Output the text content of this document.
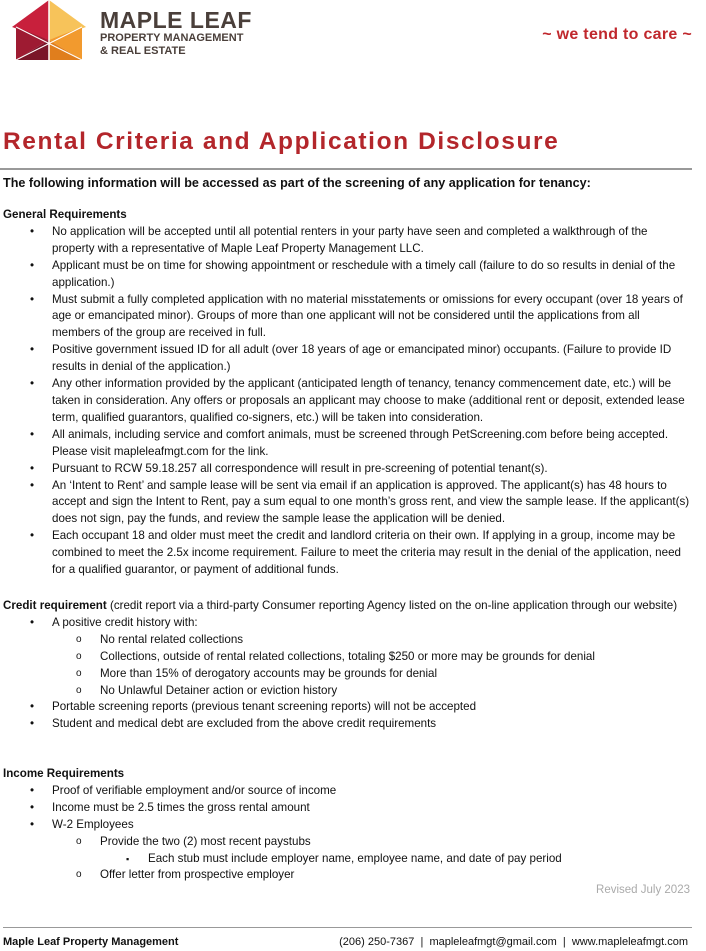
MAPLE LEAF
PROPERTY MANAGEMENT
& REAL ESTATE
~ we tend to care ~
Rental Criteria and Application Disclosure
The following information will be accessed as part of the screening of any application for tenancy:
General Requirements
• No application will be accepted until all potential renters in your party have seen and completed a walkthrough of the property with a representative of Maple Leaf Property Management LLC.
• Applicant must be on time for showing appointment or reschedule with a timely call (failure to do so results in denial of the application.)
• Must submit a fully completed application with no material misstatements or omissions for every occupant (over 18 years of age or emancipated minor). Groups of more than one applicant will not be considered until the applications from all members of the group are received in full.
• Positive government issued ID for all adult (over 18 years of age or emancipated minor) occupants. (Failure to provide ID results in denial of the application.)
• Any other information provided by the applicant (anticipated length of tenancy, tenancy commencement date, etc.) will be taken in consideration. Any offers or proposals an applicant may choose to make (additional rent or deposit, extended lease term, qualified guarantors, qualified co-signers, etc.) will be taken into consideration.
• All animals, including service and comfort animals, must be screened through PetScreening.com before being accepted. Please visit mapleleafmgt.com for the link.
• Pursuant to RCW 59.18.257 all correspondence will result in pre-screening of potential tenant(s).
• An ‘Intent to Rent’ and sample lease will be sent via email if an application is approved. The applicant(s) has 48 hours to accept and sign the Intent to Rent, pay a sum equal to one month’s gross rent, and view the sample lease. If the applicant(s) does not sign, pay the funds, and review the sample lease the application will be denied.
• Each occupant 18 and older must meet the credit and landlord criteria on their own. If applying in a group, income may be combined to meet the 2.5x income requirement. Failure to meet the criteria may result in the denial of the application, need for a qualified guarantor, or payment of additional funds.
Credit requirement (credit report via a third-party Consumer reporting Agency listed on the on-line application through our website)
• A positive credit history with:
o No rental related collections
o Collections, outside of rental related collections, totaling $250 or more may be grounds for denial
o More than 15% of derogatory accounts may be grounds for denial
o No Unlawful Detainer action or eviction history
• Portable screening reports (previous tenant screening reports) will not be accepted
• Student and medical debt are excluded from the above credit requirements
Income Requirements
• Proof of verifiable employment and/or source of income
• Income must be 2.5 times the gross rental amount
• W-2 Employees
o Provide the two (2) most recent paystubs
▪ Each stub must include employer name, employee name, and date of pay period
o Offer letter from prospective employer
Revised July 2023
Maple Leaf Property Management	(206) 250-7367  |  mapleleafmgt@gmail.com  |  www.mapleleafmgt.com
